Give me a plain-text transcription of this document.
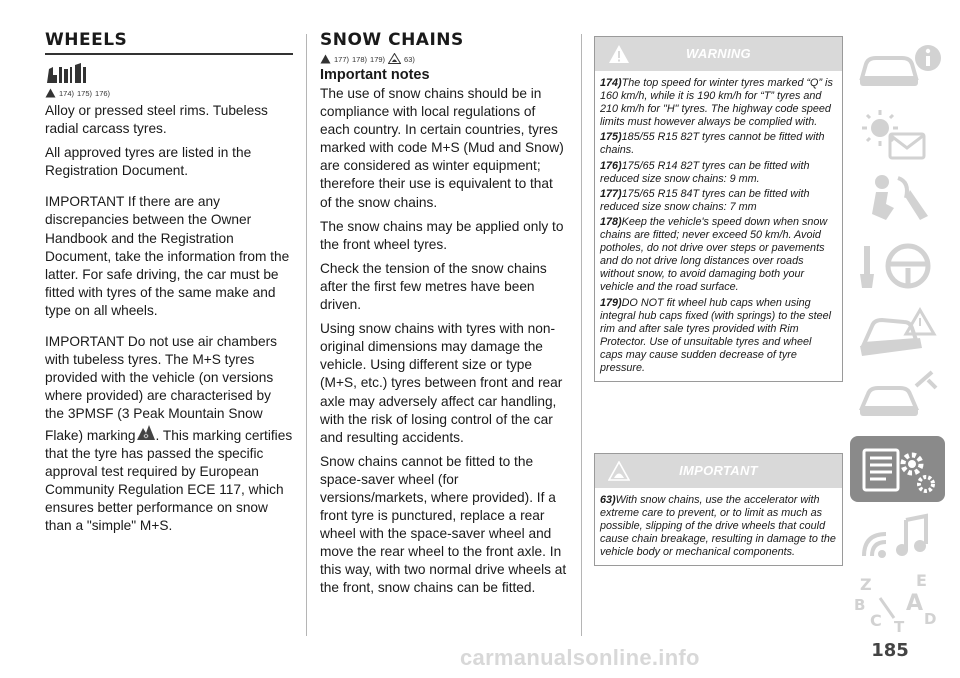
WHEELS
174) 175) 176)

Alloy or pressed steel rims. Tubeless radial carcass tyres.

All approved tyres are listed in the Registration Document.

IMPORTANT If there are any discrepancies between the Owner Handbook and the Registration Document, take the information from the latter. For safe driving, the car must be fitted with tyres of the same make and type on all wheels.

IMPORTANT Do not use air chambers with tubeless tyres. The M+S tyres provided with the vehicle (on versions where provided) are characterised by the 3PMSF (3 Peak Mountain Snow Flake) marking . This marking certifies that the tyre has passed the specific approval test required by European Community Regulation ECE 117, which ensures better performance on snow than a "simple" M+S.

SNOW CHAINS
177) 178) 179)	63)
Important notes

The use of snow chains should be in compliance with local regulations of each country. In certain countries, tyres marked with code M+S (Mud and Snow) are considered as winter equipment; therefore their use is equivalent to that of the snow chains.

The snow chains may be applied only to the front wheel tyres.

Check the tension of the snow chains after the first few metres have been driven.

Using snow chains with tyres with non-original dimensions may damage the vehicle. Using different size or type (M+S, etc.) tyres between front and rear axle may adversely affect car handling, with the risk of losing control of the car and resulting accidents.

Snow chains cannot be fitted to the space-saver wheel (for versions/markets, where provided). If a front tyre is punctured, replace a rear wheel with the space-saver wheel and move the rear wheel to the front axle. In this way, with two normal drive wheels at the front, snow chains can be fitted.

WARNING

174)The top speed for winter tyres marked “Q” is 160 km/h, while it is 190 km/h for “T” tyres and 210 km/h for "H" tyres. The highway code speed limits must however always be complied with.

175)185/55 R15 82T tyres cannot be fitted with chains.

176)175/65 R14 82T tyres can be fitted with reduced size snow chains: 9 mm.

177)175/65 R15 84T tyres can be fitted with reduced size snow chains: 7 mm

178)Keep the vehicle's speed down when snow chains are fitted; never exceed 50 km/h. Avoid potholes, do not drive over steps or pavements and do not drive long distances over roads without snow, to avoid damaging both your vehicle and the road surface.

179)DO NOT fit wheel hub caps when using integral hub caps fixed (with springs) to the steel rim and after sale tyres provided with Rim Protector. Use of unsuitable tyres and wheel caps may cause sudden decrease of tyre pressure.

IMPORTANT

63)With snow chains, use the accelerator with extreme care to prevent, or to limit as much as possible, slipping of the drive wheels that could cause chain breakage, resulting in damage to the vehicle body or mechanical components.

Z	E
B A
C T D
carmanualsonline.info	185
